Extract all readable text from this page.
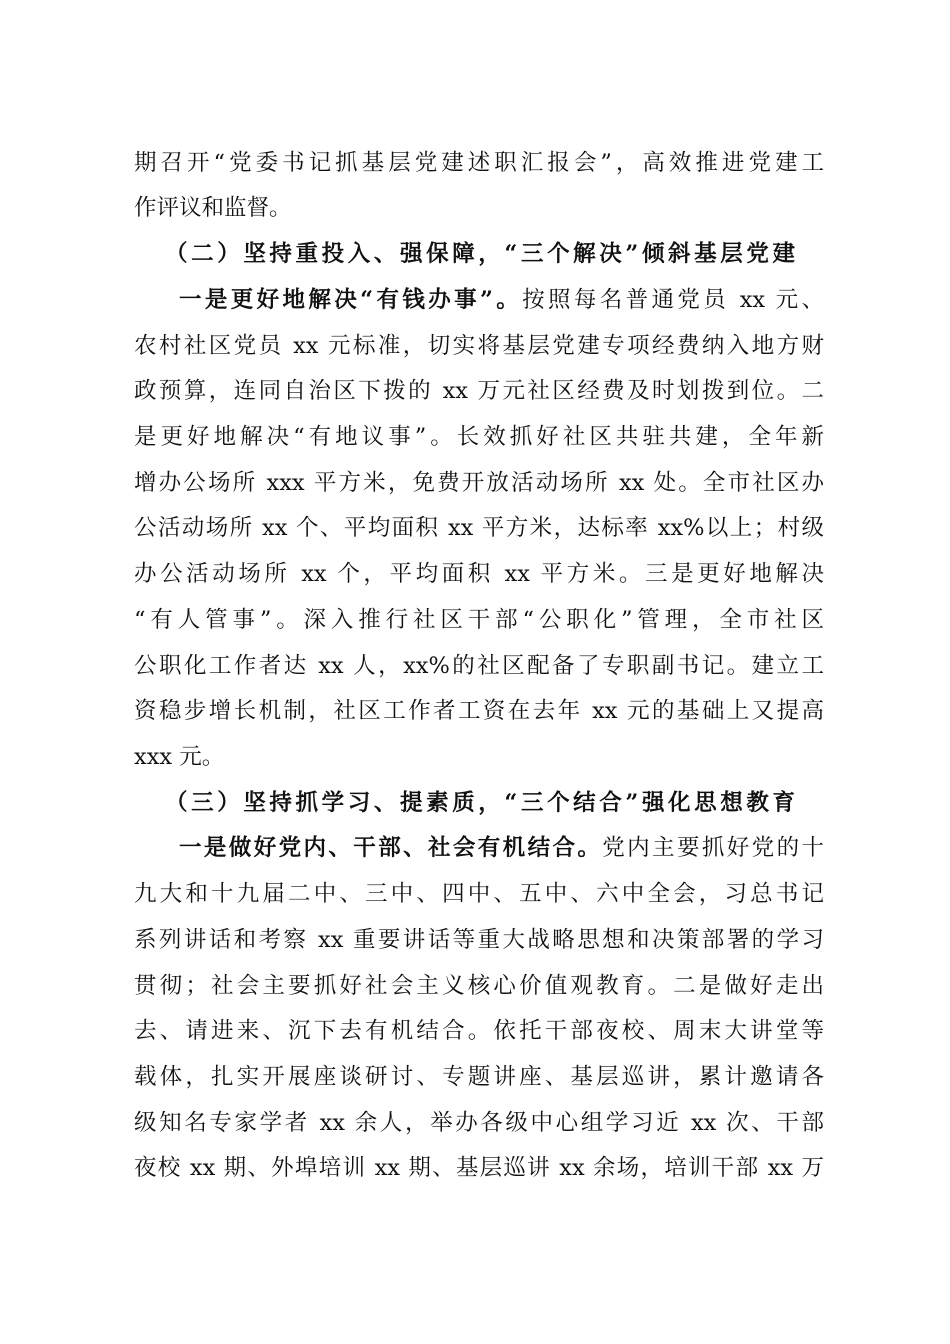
期召开“党委书记抓基层党建述职汇报会”，高效推进党建工
作评议和监督。
（二）坚持重投入、强保障，“三个解决”倾斜基层党建
一是更好地解决“有钱办事”。按照每名普通党员 xx 元、
农村社区党员 xx 元标准，切实将基层党建专项经费纳入地方财
政预算，连同自治区下拨的 xx 万元社区经费及时划拨到位。二
是更好地解决“有地议事”。长效抓好社区共驻共建，全年新
增办公场所 xxx 平方米，免费开放活动场所 xx 处。全市社区办
公活动场所 xx 个、平均面积 xx 平方米，达标率 xx%以上；村级
办公活动场所 xx 个，平均面积 xx 平方米。三是更好地解决
“有人管事”。深入推行社区干部“公职化”管理，全市社区
公职化工作者达 xx 人，xx%的社区配备了专职副书记。建立工
资稳步增长机制，社区工作者工资在去年 xx 元的基础上又提高
xxx 元。
（三）坚持抓学习、提素质，“三个结合”强化思想教育
一是做好党内、干部、社会有机结合。党内主要抓好党的十
九大和十九届二中、三中、四中、五中、六中全会，习总书记
系列讲话和考察 xx 重要讲话等重大战略思想和决策部署的学习
贯彻；社会主要抓好社会主义核心价值观教育。二是做好走出
去、请进来、沉下去有机结合。依托干部夜校、周末大讲堂等
载体，扎实开展座谈研讨、专题讲座、基层巡讲，累计邀请各
级知名专家学者 xx 余人，举办各级中心组学习近 xx 次、干部
夜校 xx 期、外埠培训 xx 期、基层巡讲 xx 余场，培训干部 xx 万
